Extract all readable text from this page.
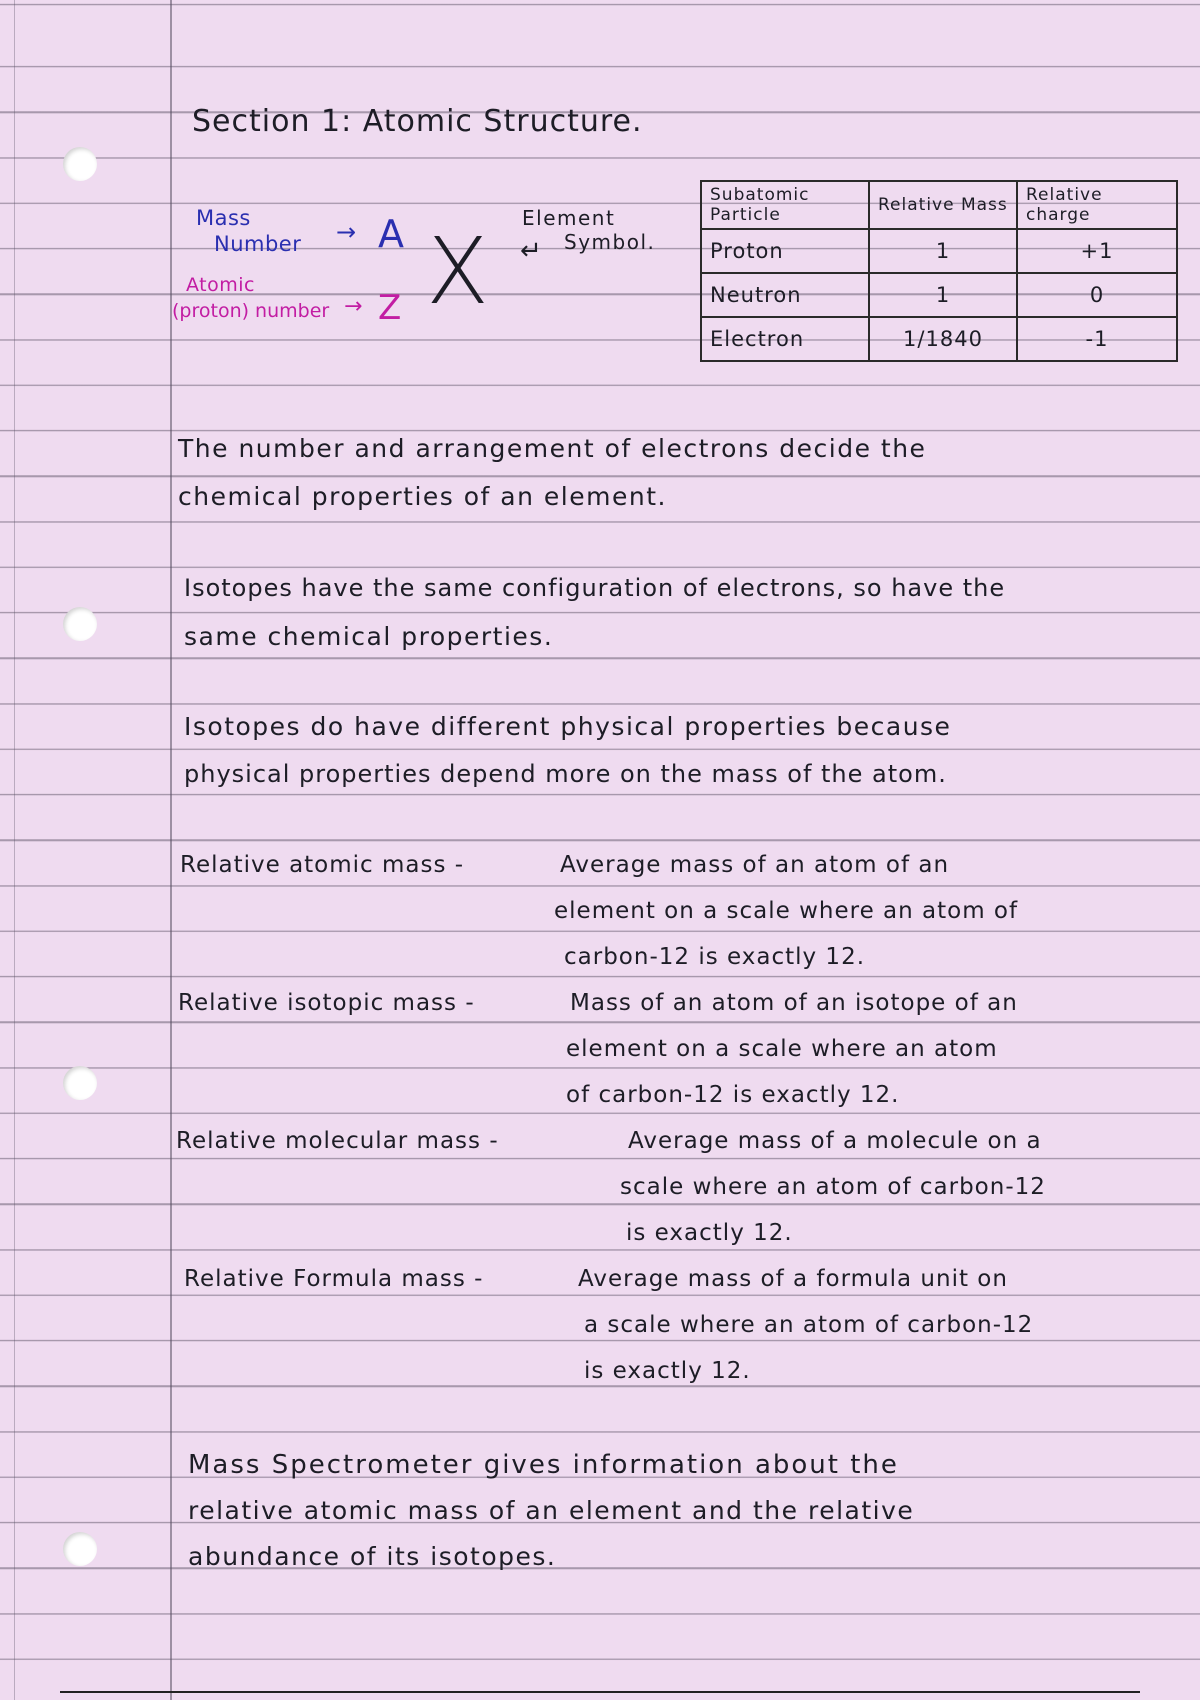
Section 1: Atomic Structure.
Mass
Number → A
Atomic
(proton) number → Z X Element
Symbol.
↵
Subatomic Particle	Relative Mass	Relative charge
Proton	1	+1
Neutron	1	0
Electron	1/1840	-1
The number and arrangement of electrons decide the
chemical properties of an element.
Isotopes have the same configuration of electrons, so have the
same chemical properties.
Isotopes do have different physical properties because
physical properties depend more on the mass of the atom.
Relative atomic mass -	Average mass of an atom of an
element on a scale where an atom of
carbon-12 is exactly 12.
Relative isotopic mass -	Mass of an atom of an isotope of an
element on a scale where an atom
of carbon-12 is exactly 12.
Relative molecular mass -	Average mass of a molecule on a
scale where an atom of carbon-12
is exactly 12.
Relative Formula mass -	Average mass of a formula unit on
a scale where an atom of carbon-12
is exactly 12.
Mass Spectrometer gives information about the
relative atomic mass of an element and the relative
abundance of its isotopes.
